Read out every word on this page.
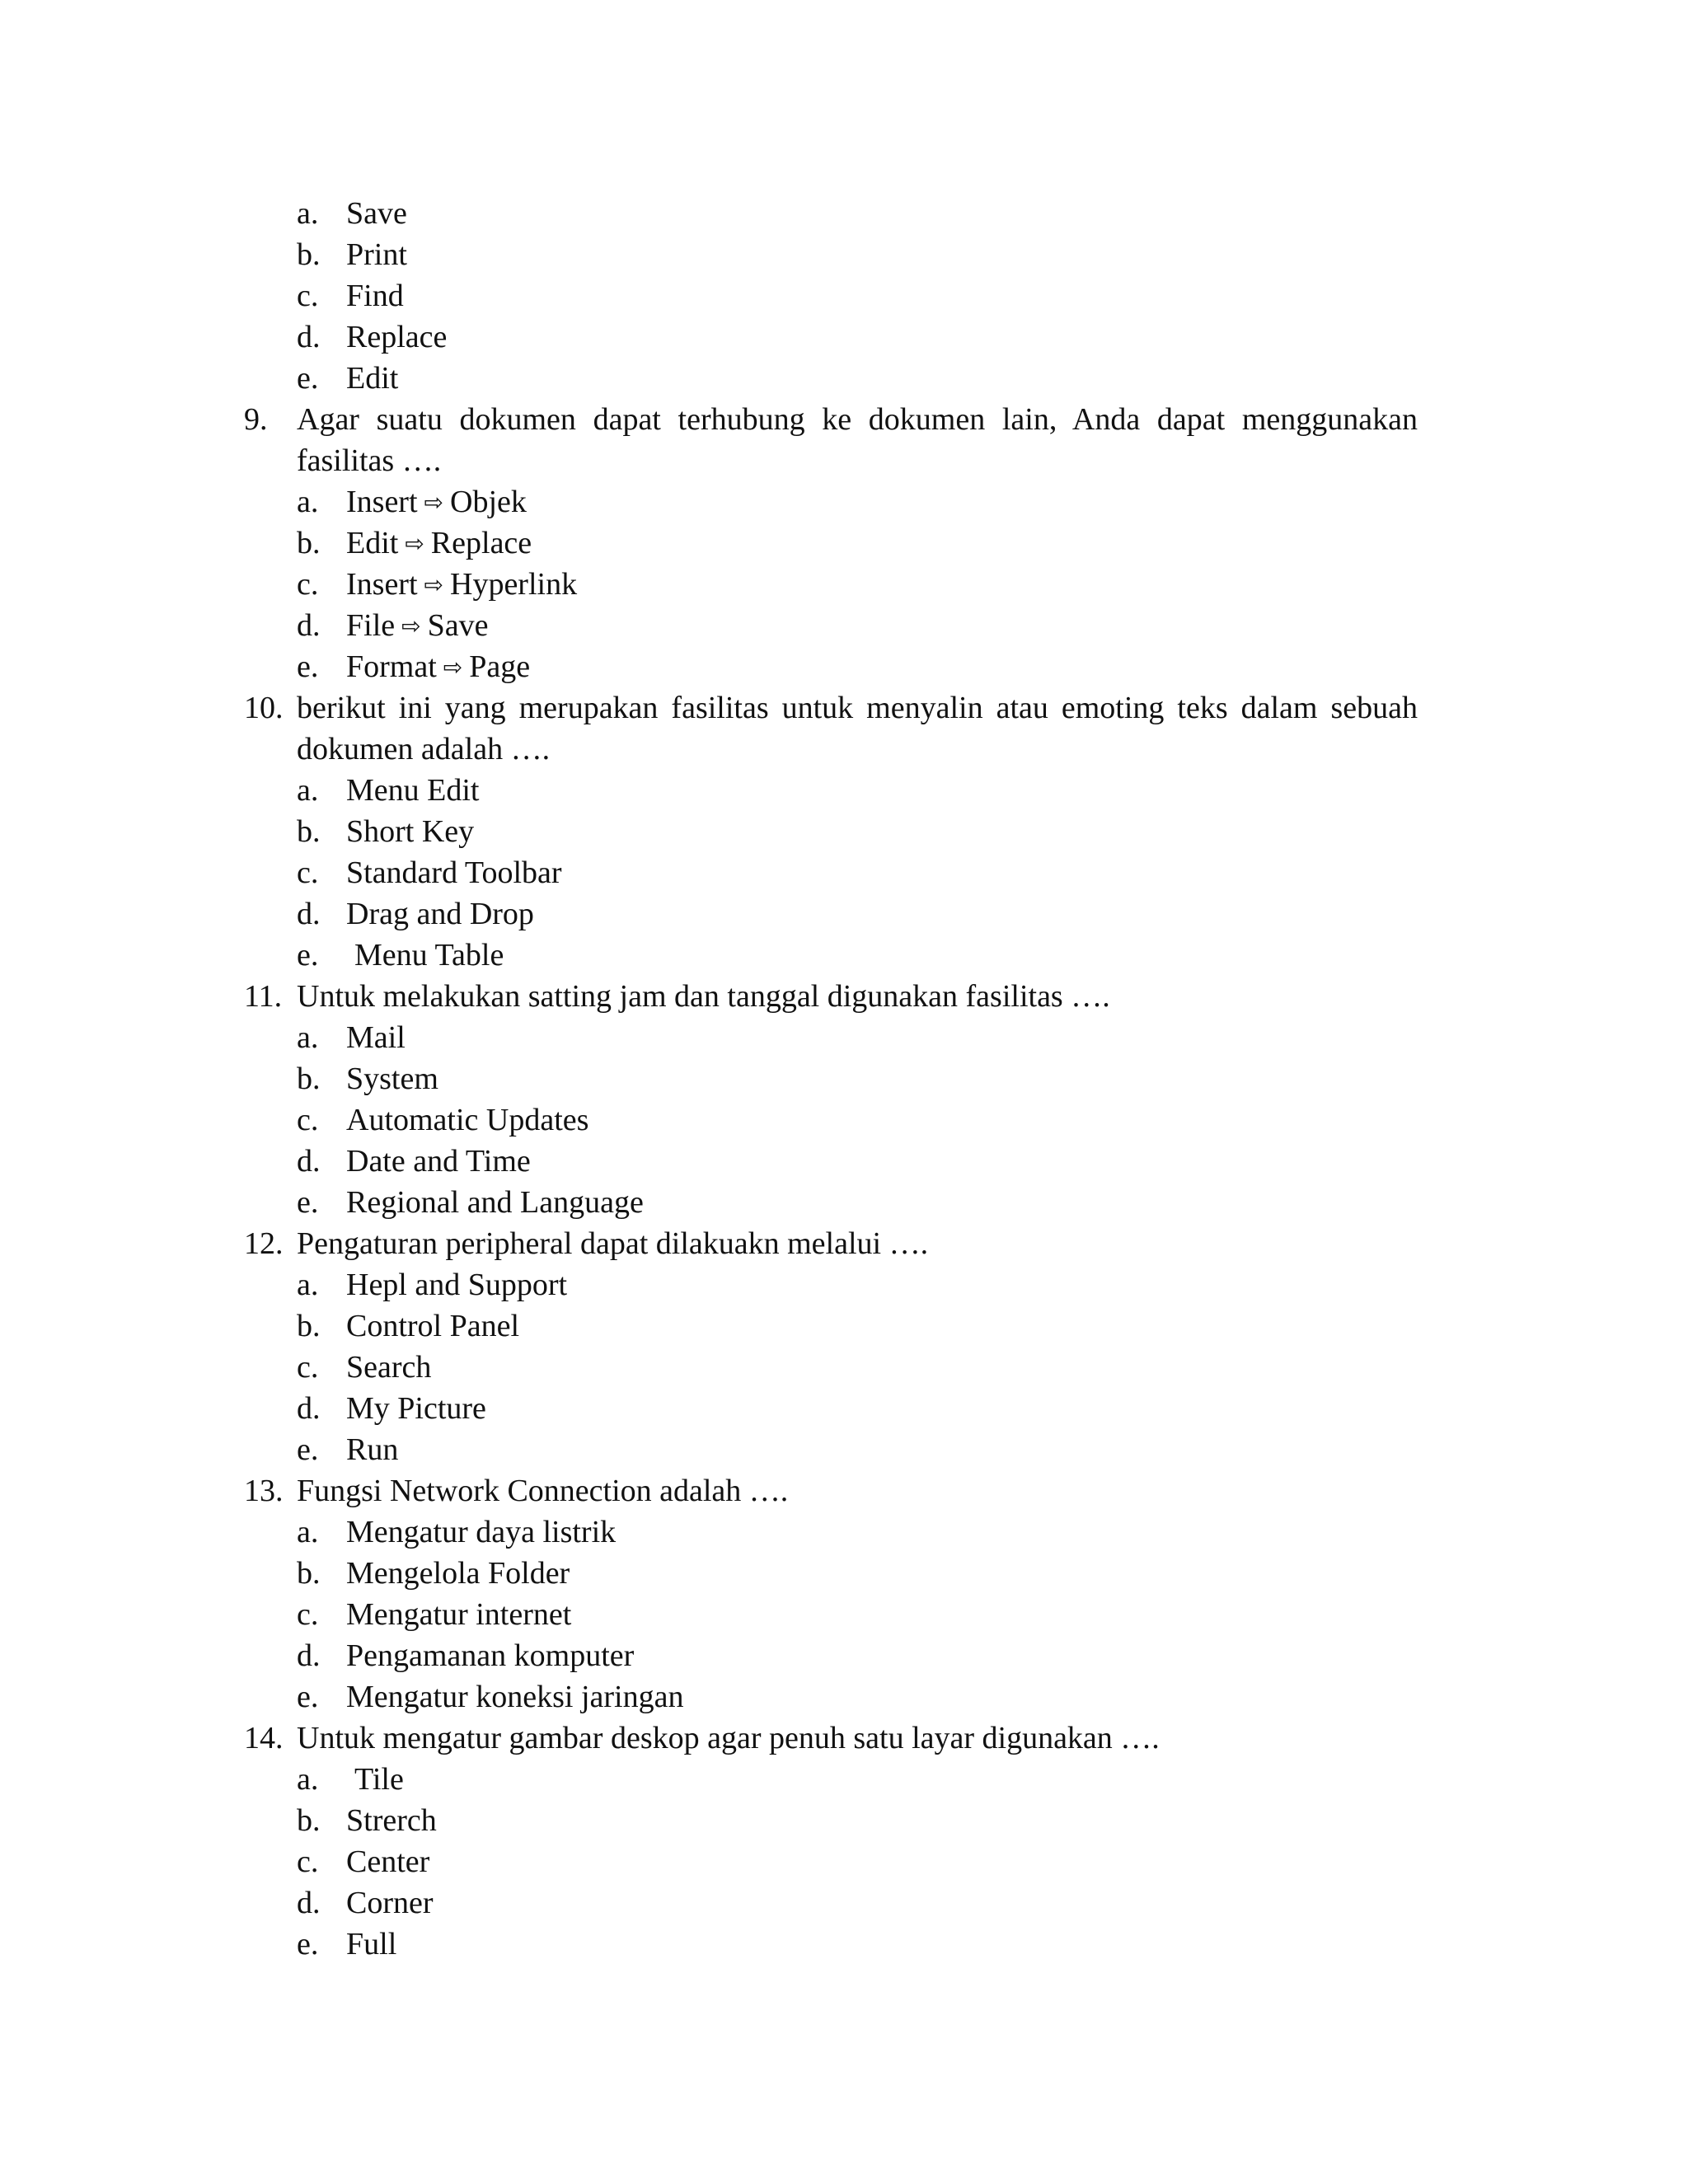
a. Save
b. Print
c. Find
d. Replace
e. Edit
9. Agar suatu dokumen dapat terhubung ke dokumen lain, Anda dapat menggunakan
fasilitas ….
a. Insert ⇨ Objek
b. Edit ⇨ Replace
c. Insert ⇨ Hyperlink
d. File ⇨ Save
e. Format ⇨ Page
10. berikut ini yang merupakan fasilitas untuk menyalin atau emoting teks dalam sebuah
dokumen adalah ….
a. Menu Edit
b. Short Key
c. Standard Toolbar
d. Drag and Drop
e.	Menu Table
11. Untuk melakukan satting jam dan tanggal digunakan fasilitas ….
a. Mail
b. System
c. Automatic Updates
d. Date and Time
e. Regional and Language
12. Pengaturan peripheral dapat dilakuakn melalui ….
a. Hepl and Support
b. Control Panel
c. Search
d. My Picture
e. Run
13. Fungsi Network Connection adalah ….
a. Mengatur daya listrik
b. Mengelola Folder
c. Mengatur internet
d. Pengamanan komputer
e. Mengatur koneksi jaringan
14. Untuk mengatur gambar deskop agar penuh satu layar digunakan ….
a.	Tile
b. Strerch
c. Center
d. Corner
e. Full
